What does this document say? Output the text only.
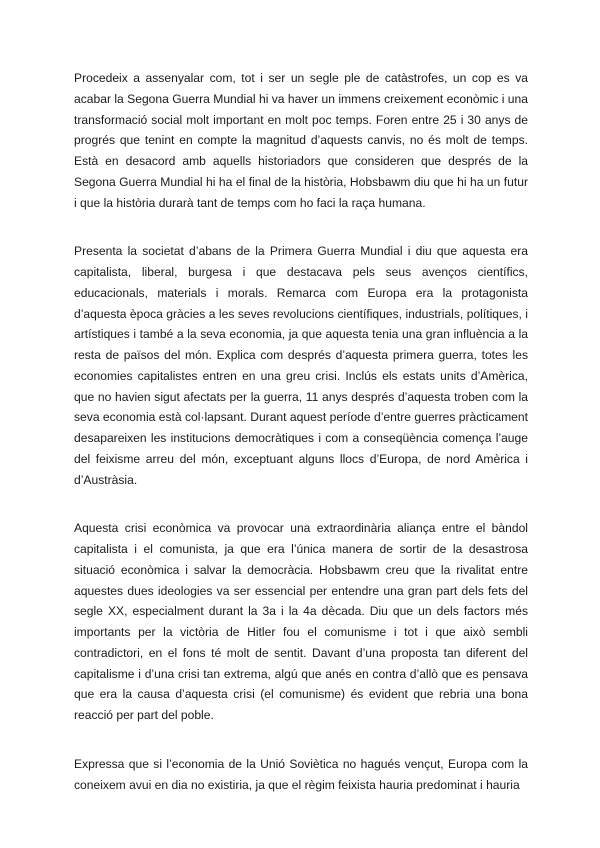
Procedeix a assenyalar com, tot i ser un segle ple de catàstrofes, un cop es va acabar la Segona Guerra Mundial hi va haver un immens creixement econòmic i una transformació social molt important en molt poc temps. Foren entre 25 i 30 anys de progrés que tenint en compte la magnitud d’aquests canvis, no és molt de temps. Està en desacord amb aquells historiadors que consideren que després de la Segona Guerra Mundial hi ha el final de la història, Hobsbawm diu que hi ha un futur i que la història durarà tant de temps com ho faci la raça humana.

Presenta la societat d’abans de la Primera Guerra Mundial i diu que aquesta era capitalista, liberal, burgesa i que destacava pels seus avenços científics, educacionals, materials i morals. Remarca com Europa era la protagonista d’aquesta època gràcies a les seves revolucions científiques, industrials, polítiques, i artístiques i també a la seva economia, ja que aquesta tenia una gran influència a la resta de països del món. Explica com després d’aquesta primera guerra, totes les economies capitalistes entren en una greu crisi. Inclús els estats units d’Amèrica, que no havien sigut afectats per la guerra, 11 anys després d’aquesta troben com la seva economia està col·lapsant. Durant aquest període d’entre guerres pràcticament desapareixen les institucions democràtiques i com a conseqüència comença l’auge del feixisme arreu del món, exceptuant alguns llocs d’Europa, de nord Amèrica i d’Austràsia.

Aquesta crisi econòmica va provocar una extraordinària aliança entre el bàndol capitalista i el comunista, ja que era l’única manera de sortir de la desastrosa situació econòmica i salvar la democràcia. Hobsbawm creu que la rivalitat entre aquestes dues ideologies va ser essencial per entendre una gran part dels fets del segle XX, especialment durant la 3a i la 4a dècada. Diu que un dels factors més importants per la victòria de Hitler fou el comunisme i tot i que això sembli contradictori, en el fons té molt de sentit. Davant d’una proposta tan diferent del capitalisme i d’una crisi tan extrema, algú que anés en contra d’allò que es pensava que era la causa d’aquesta crisi (el comunisme) és evident que rebria una bona reacció per part del poble.

Expressa que si l’economia de la Unió Soviètica no hagués vençut, Europa com la coneixem avui en dia no existiria, ja que el règim feixista hauria predominat i hauria
